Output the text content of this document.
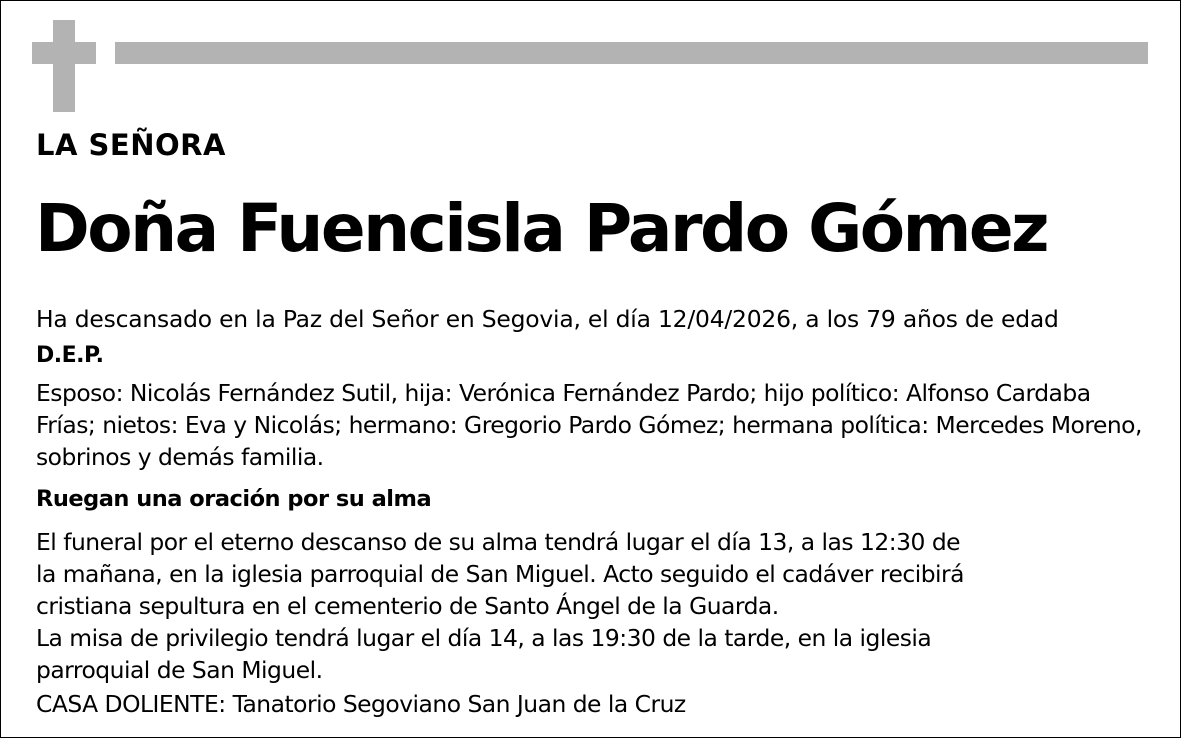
LA SEÑORA
Doña Fuencisla Pardo Gómez
Ha descansado en la Paz del Señor en Segovia, el día 12/04/2026, a los 79 años de edad
D.E.P.
Esposo: Nicolás Fernández Sutil, hija: Verónica Fernández Pardo; hijo político: Alfonso Cardaba Frías; nietos: Eva y Nicolás; hermano: Gregorio Pardo Gómez; hermana política: Mercedes Moreno, sobrinos y demás familia.
Ruegan una oración por su alma
El funeral por el eterno descanso de su alma tendrá lugar el día 13, a las 12:30 de
la mañana, en la iglesia parroquial de San Miguel. Acto seguido el cadáver recibirá
cristiana sepultura en el cementerio de Santo Ángel de la Guarda.
La misa de privilegio tendrá lugar el día 14, a las 19:30 de la tarde, en la iglesia
parroquial de San Miguel.
CASA DOLIENTE: Tanatorio Segoviano San Juan de la Cruz
